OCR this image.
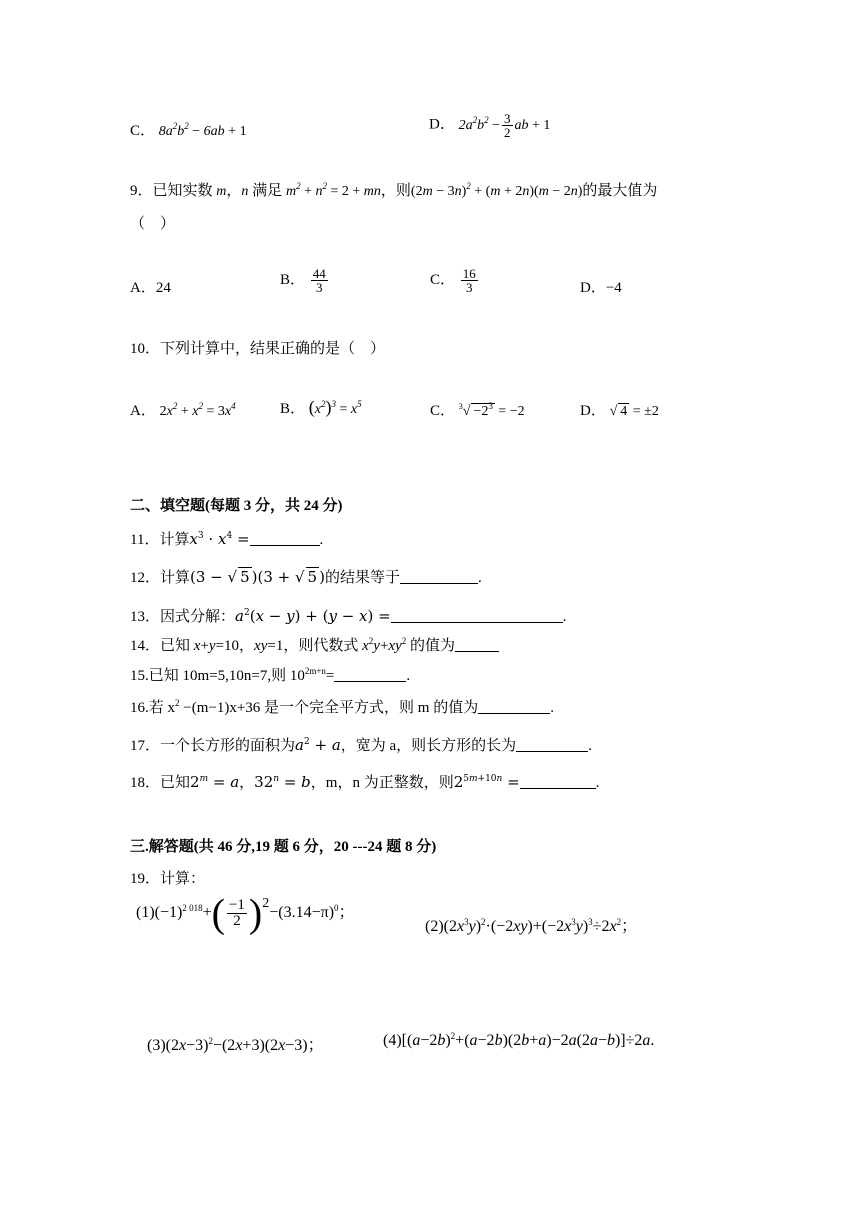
C． $8a^2b^2 - 6ab + 1$	D． $2a^2b^2 - \frac{3}{2}$ ab + 1
9．已知实数 m，n 满足 $m^2 + n^2 = 2$ + mn，则$(2m - 3n)^2 + (m + 2n)(m - 2n)$的最大值为
（　）
A．24
B． $\frac{44}{3}$	C． $\frac{16}{3}$	D．−4
10．下列计算中，结果正确的是（　）
A． $2x^2 + x^2 = 3x^4$	B． $(x^2)^3 = x^5$	C． $^3√ -2^3 = -2$	D． √ 4 = ±2
二、填空题(每题 3 分，共 24 分)
11．计算$x^3 \cdot x^4$ =	.
12．计算(3 − √ 5 )(3 + √ 5 )的结果等于	.
13．因式分解：$a^2(x - y) + (y - x)$ =	.
14．已知 x+y=10，xy=1，则代数式 $x^2y+xy^2$ 的值为
15.已知 10m=5,10n=7,则 $10^{2m+n}=$	.
16.若 $x^2 -(m-1)x+36$ 是一个完全平方式，则 m 的值为	.
17．一个长方形的面积为$a^2 + a$，宽为 a，则长方形的长为	.
18．已知$2^m = a$，$32^n = b$，m，n 为正整数，则$2^{5m+10n}$ =	.
三.解答题(共 46 分,19 题 6 分，20 ---24 题 8 分)
19．计算：
$(1)(-1)^{2 018}+( \frac{-1}{2} )^2-(3.14-\pi)^0$；
$(2)(2x^3y)^2\cdot(-2xy)+(-2x^3y)^3\div 2x^2$；
$(3)(2x-3)^2-(2x+3)(2x-3)$；	$(4)[(a-2b)^2+(a-2b)(2b+a)-2a(2a-b)]\div 2a$.
